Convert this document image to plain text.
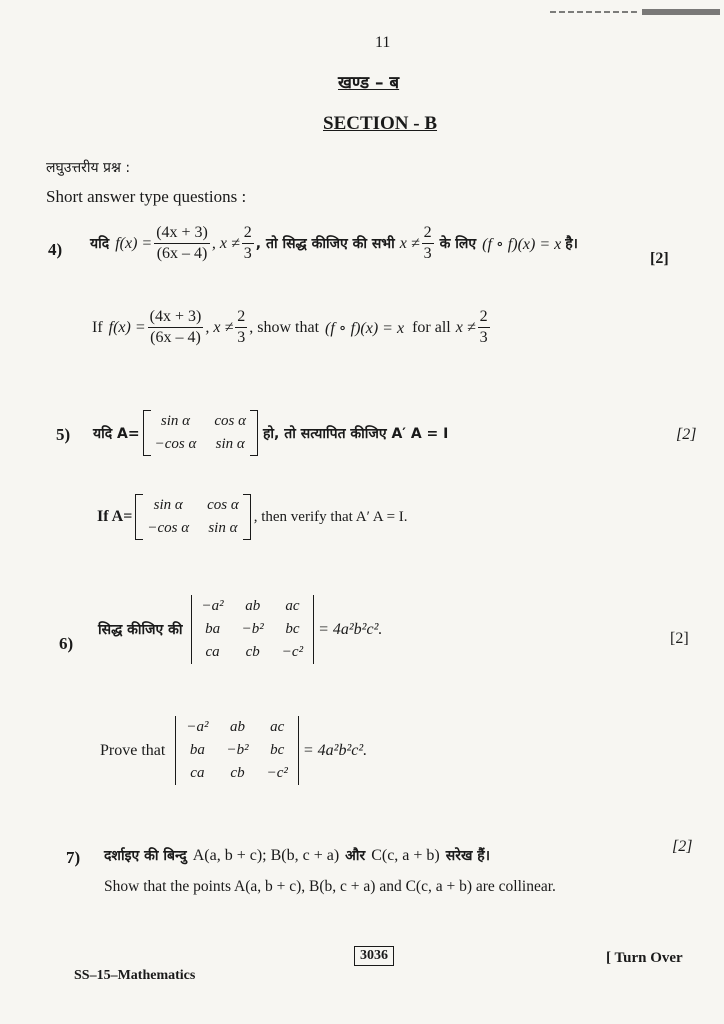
11
खण्ड – ब
SECTION - B
लघुउत्तरीय प्रश्न :
Short answer type questions :
4) यदि $f(x) = \frac{(4x + 3)}{(6x - 4)}$ , $x \ne \frac{2}{3}$ , तो सिद्ध कीजिए की सभी $x \ne \frac{2}{3}$ के लिए (f ∘ f)(x) = x है।
[2]
If $f(x) = \frac{(4x + 3)}{(6x - 4)}$ , $x \ne \frac{2}{3}$ , show that (f ∘ f)(x) = x for all $x \ne \frac{2}{3}$
5) यदि A=
sin α	cos α
−cos α	sin α
हो, तो सत्यापित कीजिए A′ A = I	[2]
If A=
sin α	cos α
−cos α	sin α
, then verify that A′ A = I.
6)
सिद्ध कीजिए की
−a²	ab	ac
ba	−b²	bc
ca	cb	−c²
= 4a²b²c².
[2]
Prove that
−a²	ab	ac
ba	−b²	bc
ca	cb	−c²
= 4a²b²c².
7) दर्शाइए की बिन्दु A(a, b + c); B(b, c + a) और C(c, a + b) सरेख हैं।
[2]
Show that the points A(a, b + c), B(b, c + a) and C(c, a + b) are collinear.
SS–15–Mathematics
3036	[ Turn Over
